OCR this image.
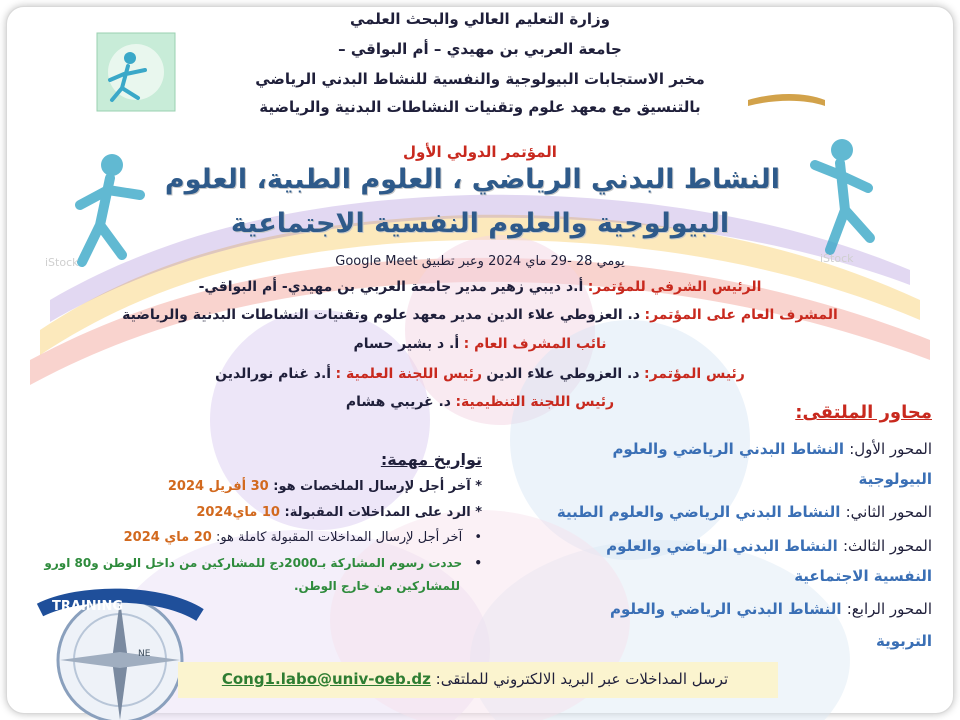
TRAINING
NE
iStock	iStock
وزارة التعليم العالي والبحث العلمي
جامعة العربي بن مهيدي – أم البواقي –
مخبر الاستجابات البيولوجية والنفسية للنشاط البدني الرياضي
بالتنسيق مع معهد علوم وتقنيات النشاطات البدنية والرياضية
المؤتمر الدولي الأول
النشاط البدني الرياضي ، العلوم الطبية، العلوم
البيولوجية والعلوم النفسية الاجتماعية
يومي 28 -29 ماي 2024 وعبر تطبيق Google Meet
الرئيس الشرفي للمؤتمر: أ.د ديبي زهير مدير جامعة العربي بن مهيدي- أم البواقي-
المشرف العام على المؤتمر: د. العزوطي علاء الدين مدير معهد علوم وتقنيات النشاطات البدنية والرياضية
نائب المشرف العام : أ. د بشير حسام
رئيس المؤتمر: د. العزوطي علاء الدين رئيس اللجنة العلمية : أ.د غنام نورالدين
رئيس اللجنة التنظيمية: د. غريبي هشام	محاور الملتقى:
المحور الأول: النشاط البدني الرياضي والعلوم
البيولوجية
المحور الثاني: النشاط البدني الرياضي والعلوم الطبية
المحور الثالث: النشاط البدني الرياضي والعلوم
النفسية الاجتماعية
المحور الرابع: النشاط البدني الرياضي والعلوم
التربوية
تواريخ مهمة:
* آخر أجل لإرسال الملخصات هو: 30 أفريل 2024
* الرد على المداخلات المقبولة: 10 ماي2024
• آخر أجل لإرسال المداخلات المقبولة كاملة هو: 20 ماي 2024
• حددت رسوم المشاركة بـ2000دج للمشاركين من داخل الوطن و80 اورو
للمشاركين من خارج الوطن.
ترسل المداخلات عبر البريد الالكتروني للملتقى: Cong1.labo@univ-oeb.dz
